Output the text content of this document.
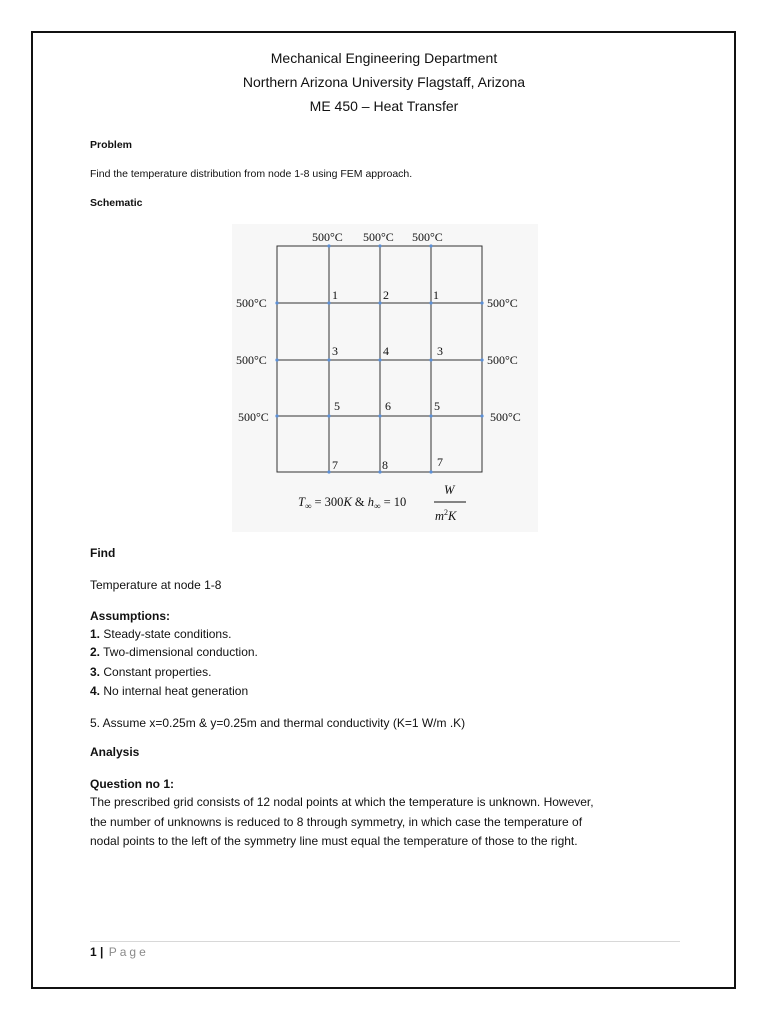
Mechanical Engineering Department
Northern Arizona University Flagstaff, Arizona
ME 450 – Heat Transfer
Problem
Find the temperature distribution from node 1-8 using FEM approach.
Schematic
500°C 500°C 500°C
500°C
500°C
500°C
500°C
500°C
500°C
1	2	1
3	4	3
5	6	5
7	8	7
$T_\infty = 300K$ & $h_\infty = 10$
W
$m^2K$
Find
Temperature at node 1-8
Assumptions:
1. Steady-state conditions.
2. Two-dimensional conduction.
3. Constant properties.
4. No internal heat generation
5. Assume x=0.25m & y=0.25m and thermal conductivity (K=1 W/m .K)
Analysis
Question no 1:
The prescribed grid consists of 12 nodal points at which the temperature is unknown. However,
the number of unknowns is reduced to 8 through symmetry, in which case the temperature of
nodal points to the left of the symmetry line must equal the temperature of those to the right.
1 | Page
